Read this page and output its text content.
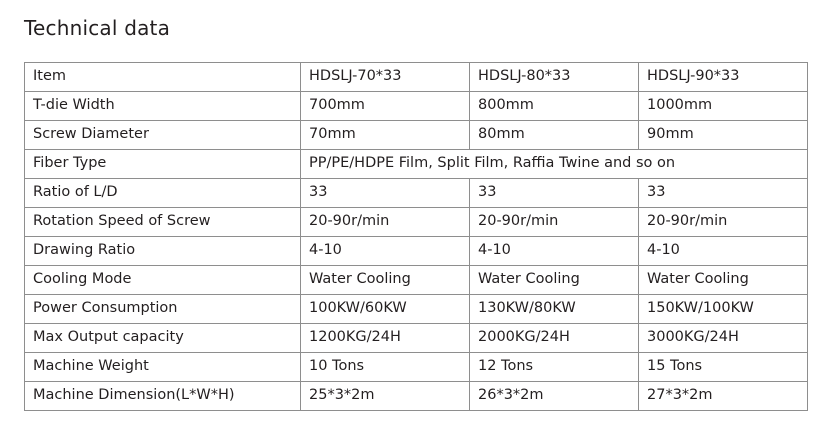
Technical data
Item	HDSLJ-70*33	HDSLJ-80*33	HDSLJ-90*33
T-die Width	700mm	800mm	1000mm
Screw Diameter	70mm	80mm	90mm
Fiber Type	PP/PE/HDPE Film, Split Film, Raffia Twine and so on		
Ratio of L/D	33	33	33
Rotation Speed of Screw	20-90r/min	20-90r/min	20-90r/min
Drawing Ratio	4-10	4-10	4-10
Cooling Mode	Water Cooling	Water Cooling	Water Cooling
Power Consumption	100KW/60KW	130KW/80KW	150KW/100KW
Max Output capacity	1200KG/24H	2000KG/24H	3000KG/24H
Machine Weight	10 Tons	12 Tons	15 Tons
Machine Dimension(L*W*H)	25*3*2m	26*3*2m	27*3*2m
